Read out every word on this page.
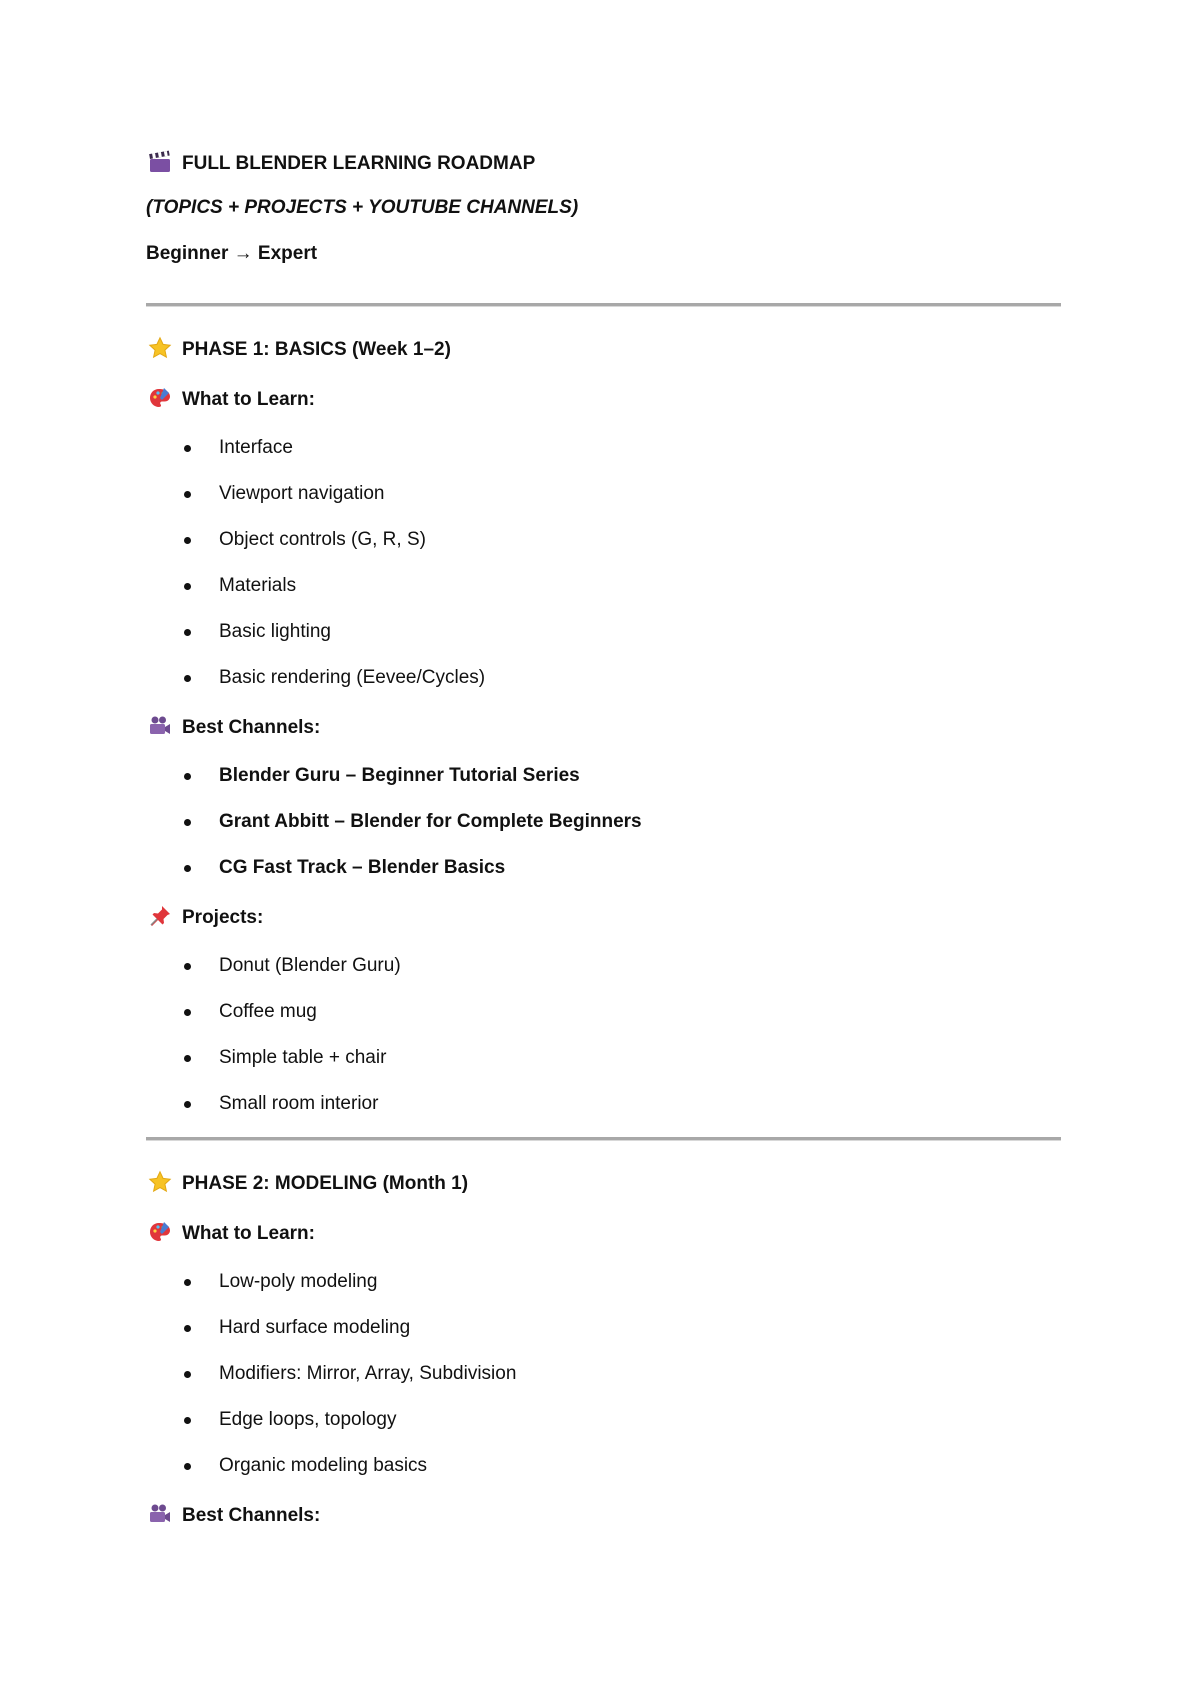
FULL BLENDER LEARNING ROADMAP
(TOPICS + PROJECTS + YOUTUBE CHANNELS)
Beginner → Expert
PHASE 1: BASICS (Week 1–2)
What to Learn:
Interface
Viewport navigation
Object controls (G, R, S)
Materials
Basic lighting
Basic rendering (Eevee/Cycles)
Best Channels:
Blender Guru – Beginner Tutorial Series
Grant Abbitt – Blender for Complete Beginners
CG Fast Track – Blender Basics
Projects:
Donut (Blender Guru)
Coffee mug
Simple table + chair
Small room interior
PHASE 2: MODELING (Month 1)
What to Learn:
Low-poly modeling
Hard surface modeling
Modifiers: Mirror, Array, Subdivision
Edge loops, topology
Organic modeling basics
Best Channels:
